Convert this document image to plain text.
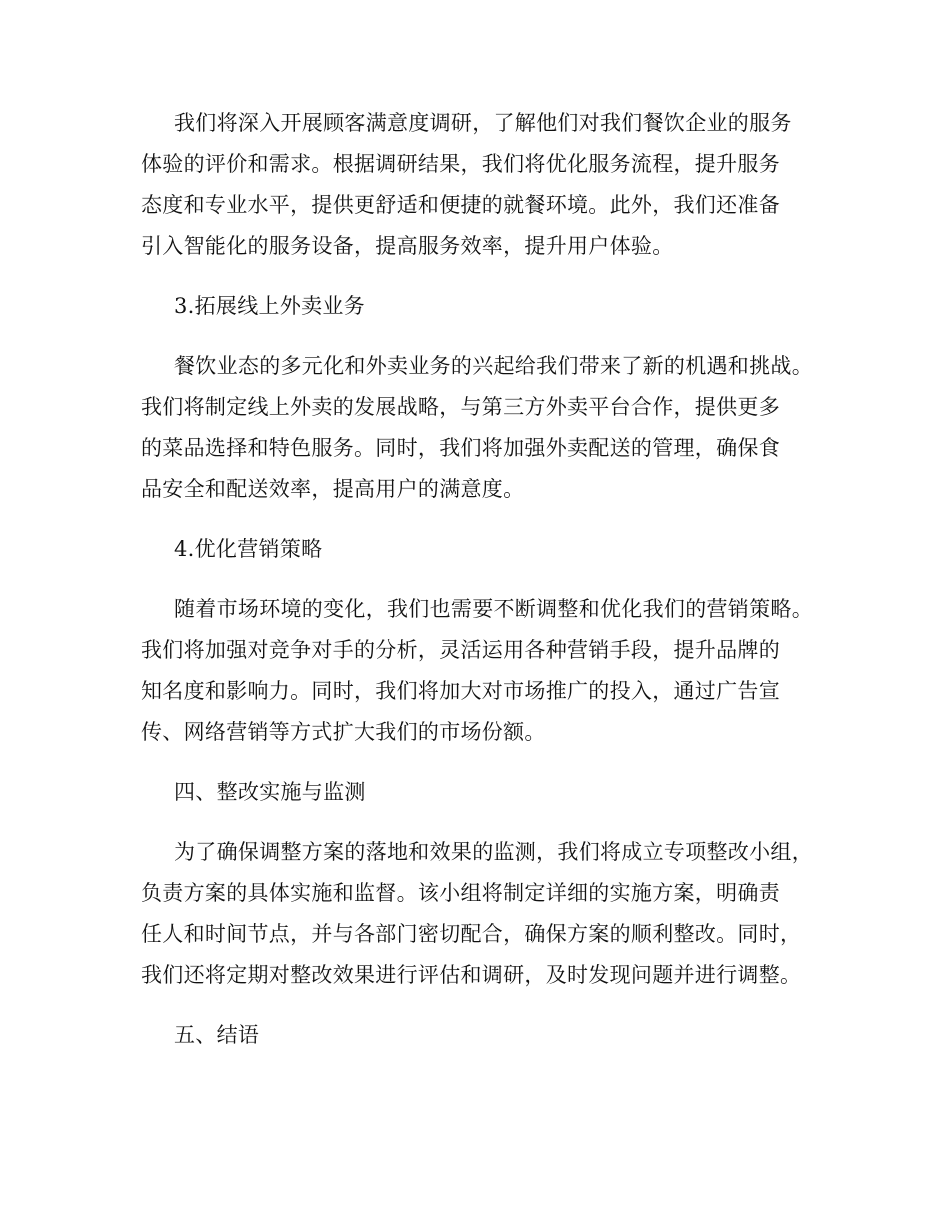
我们将深入开展顾客满意度调研，了解他们对我们餐饮企业的服务
体验的评价和需求。根据调研结果，我们将优化服务流程，提升服务
态度和专业水平，提供更舒适和便捷的就餐环境。此外，我们还准备
引入智能化的服务设备，提高服务效率，提升用户体验。
3.拓展线上外卖业务
餐饮业态的多元化和外卖业务的兴起给我们带来了新的机遇和挑战。
我们将制定线上外卖的发展战略，与第三方外卖平台合作，提供更多
的菜品选择和特色服务。同时，我们将加强外卖配送的管理，确保食
品安全和配送效率，提高用户的满意度。
4.优化营销策略
随着市场环境的变化，我们也需要不断调整和优化我们的营销策略。
我们将加强对竞争对手的分析，灵活运用各种营销手段，提升品牌的
知名度和影响力。同时，我们将加大对市场推广的投入，通过广告宣
传、网络营销等方式扩大我们的市场份额。
四、整改实施与监测
为了确保调整方案的落地和效果的监测，我们将成立专项整改小组，
负责方案的具体实施和监督。该小组将制定详细的实施方案，明确责
任人和时间节点，并与各部门密切配合，确保方案的顺利整改。同时，
我们还将定期对整改效果进行评估和调研，及时发现问题并进行调整。
五、结语
